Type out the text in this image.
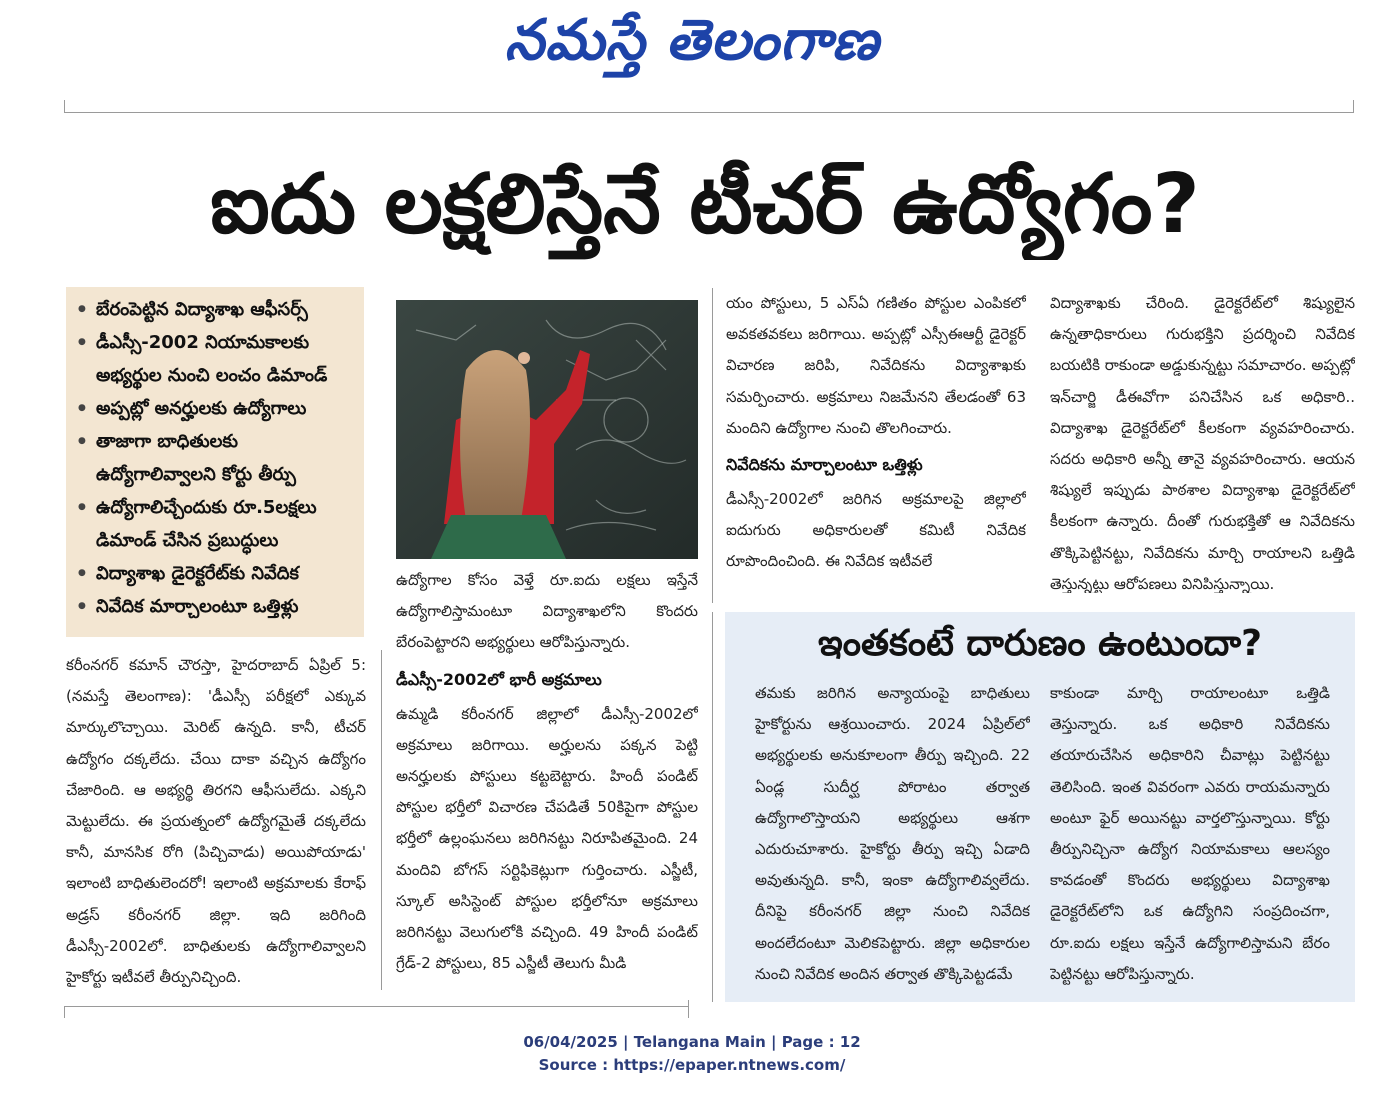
నమస్తే తెలంగాణ
ఐదు లక్షలిస్తేనే టీచర్ ఉద్యోగం?
● బేరంపెట్టిన విద్యాశాఖ ఆఫీసర్స్
● డీఎస్సీ-2002 నియామకాలకు అభ్యర్థుల నుంచి లంచం డిమాండ్
● అప్పట్లో అనర్హులకు ఉద్యోగాలు
● తాజాగా బాధితులకు ఉద్యోగాలివ్వాలని కోర్టు తీర్పు
● ఉద్యోగాలిచ్చేందుకు రూ.5లక్షలు డిమాండ్ చేసిన ప్రబుద్ధులు
● విద్యాశాఖ డైరెక్టరేట్‌కు నివేదిక
● నివేదిక మార్చాలంటూ ఒత్తిళ్లు

కరీంనగర్ కమాన్ చౌరస్తా, హైదరాబాద్ ఏప్రిల్ 5: (నమస్తే తెలంగాణ): 'డీఎస్సీ పరీక్షలో ఎక్కువ మార్కులొచ్చాయి. మెరిట్ ఉన్నది. కానీ, టీచర్ ఉద్యోగం దక్కలేదు. చేయి దాకా వచ్చిన ఉద్యోగం చేజారింది. ఆ అభ్యర్థి తిరగని ఆఫీసులేదు. ఎక్కని మెట్టులేదు. ఈ ప్రయత్నంలో ఉద్యోగమైతే దక్కలేదు కానీ, మానసిక రోగి (పిచ్చివాడు) అయిపోయాడు' ఇలాంటి బాధితులెందరో! ఇలాంటి అక్రమాలకు కేరాఫ్ అడ్రస్ కరీంనగర్ జిల్లా. ఇది జరిగింది డీఎస్సీ-2002లో. బాధితులకు ఉద్యోగాలివ్వాలని హైకోర్టు ఇటీవలే తీర్పునిచ్చింది.

ఉద్యోగాల కోసం వెళ్తే రూ.ఐదు లక్షలు ఇస్తేనే ఉద్యోగాలిస్తామంటూ విద్యాశాఖలోని కొందరు బేరంపెట్టారని అభ్యర్థులు ఆరోపిస్తున్నారు.

డీఎస్సీ-2002లో భారీ అక్రమాలు

ఉమ్మడి కరీంనగర్ జిల్లాలో డీఎస్సీ-2002లో అక్రమాలు జరిగాయి. అర్హులను పక్కన పెట్టి అనర్హులకు పోస్టులు కట్టబెట్టారు. హిందీ పండిట్ పోస్టుల భర్తీలో విచారణ చేపడితే 50కిపైగా పోస్టుల భర్తీలో ఉల్లంఘనలు జరిగినట్టు నిరూపితమైంది. 24 మందివి బోగస్ సర్టిఫికెట్లుగా గుర్తించారు. ఎస్జీటీ, స్కూల్ అసిస్టెంట్ పోస్టుల భర్తీలోనూ అక్రమాలు జరిగినట్టు వెలుగులోకి వచ్చింది. 49 హిందీ పండిట్ గ్రేడ్-2 పోస్టులు, 85 ఎస్జీటీ తెలుగు మీడి

యం పోస్టులు, 5 ఎస్ఏ గణితం పోస్టుల ఎంపికలో అవకతవకలు జరిగాయి. అప్పట్లో ఎస్సీఈఆర్టీ డైరెక్టర్ విచారణ జరిపి, నివేదికను విద్యాశాఖకు సమర్పించారు. అక్రమాలు నిజమేనని తేలడంతో 63 మందిని ఉద్యోగాల నుంచి తొలగించారు.

నివేదికను మార్చాలంటూ ఒత్తిళ్లు

డీఎస్సీ-2002లో జరిగిన అక్రమాలపై జిల్లాలో ఐదుగురు అధికారులతో కమిటీ నివేదిక రూపొందించింది. ఈ నివేదిక ఇటీవలే

విద్యాశాఖకు చేరింది. డైరెక్టరేట్‌లో శిష్యులైన ఉన్నతాధికారులు గురుభక్తిని ప్రదర్శించి నివేదిక బయటికి రాకుండా అడ్డుకున్నట్టు సమాచారం. అప్పట్లో ఇన్‌చార్జి డీఈవోగా పనిచేసిన ఒక అధికారి.. విద్యాశాఖ డైరెక్టరేట్‌లో కీలకంగా వ్యవహరించారు. సదరు అధికారి అన్నీ తానై వ్యవహరించారు. ఆయన శిష్యులే ఇప్పుడు పాఠశాల విద్యాశాఖ డైరెక్టరేట్‌లో కీలకంగా ఉన్నారు. దీంతో గురుభక్తితో ఆ నివేదికను తొక్కిపెట్టినట్టు, నివేదికను మార్చి రాయాలని ఒత్తిడి తెస్తున్నట్టు ఆరోపణలు వినిపిస్తున్నాయి.

ఇంతకంటే దారుణం ఉంటుందా?

తమకు జరిగిన అన్యాయంపై బాధితులు హైకోర్టును ఆశ్రయించారు. 2024 ఏప్రిల్‌లో అభ్యర్థులకు అనుకూలంగా తీర్పు ఇచ్చింది. 22 ఏండ్ల సుదీర్ఘ పోరాటం తర్వాత ఉద్యోగాలొస్తాయని అభ్యర్థులు ఆశగా ఎదురుచూశారు. హైకోర్టు తీర్పు ఇచ్చి ఏడాది అవుతున్నది. కానీ, ఇంకా ఉద్యోగాలివ్వలేదు. దీనిపై కరీంనగర్ జిల్లా నుంచి నివేదిక అందలేదంటూ మెలికపెట్టారు. జిల్లా అధికారుల నుంచి నివేదిక అందిన తర్వాత తొక్కిపెట్టడమే

కాకుండా మార్చి రాయాలంటూ ఒత్తిడి తెస్తున్నారు. ఒక అధికారి నివేదికను తయారుచేసిన అధికారిని చీవాట్లు పెట్టినట్టు తెలిసింది. ఇంత వివరంగా ఎవరు రాయమన్నారు అంటూ ఫైర్ అయినట్టు వార్తలొస్తున్నాయి. కోర్టు తీర్పునిచ్చినా ఉద్యోగ నియామకాలు ఆలస్యం కావడంతో కొందరు అభ్యర్థులు విద్యాశాఖ డైరెక్టరేట్‌లోని ఒక ఉద్యోగిని సంప్రదించగా, రూ.ఐదు లక్షలు ఇస్తేనే ఉద్యోగాలిస్తామని బేరం పెట్టినట్టు ఆరోపిస్తున్నారు.

06/04/2025 | Telangana Main | Page : 12
Source : https://epaper.ntnews.com/
